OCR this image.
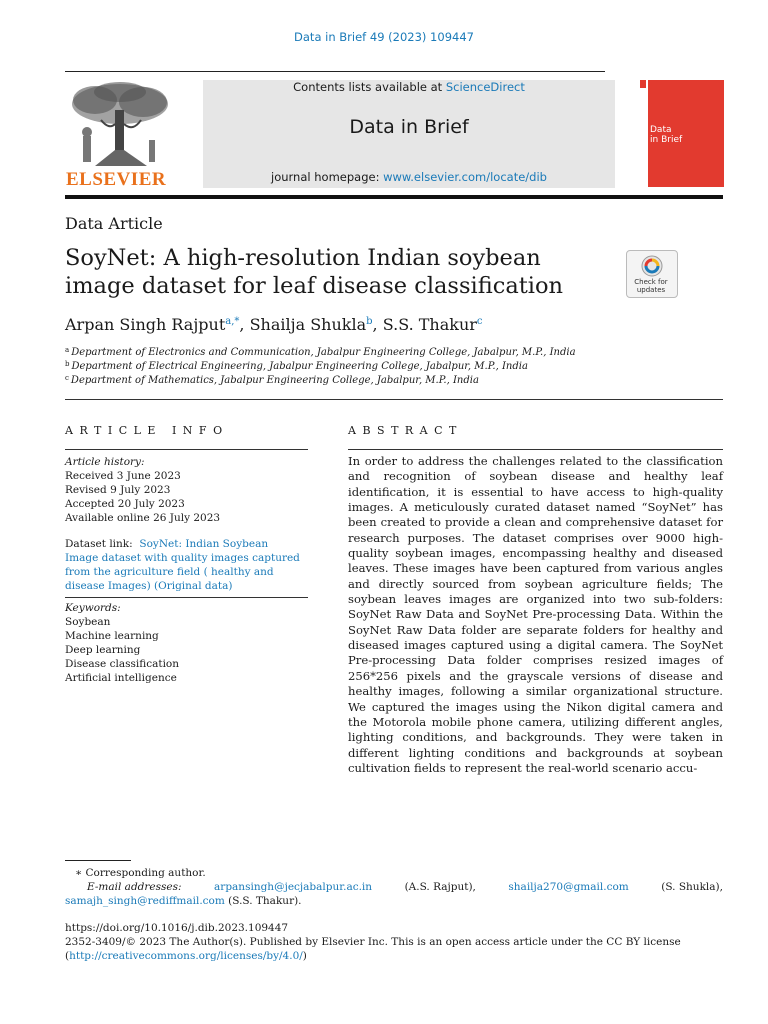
Data in Brief 49 (2023) 109447
ELSEVIER
Contents lists available at ScienceDirect
Data in Brief
journal homepage: www.elsevier.com/locate/dib
Data
in Brief
Data Article
SoyNet: A high-resolution Indian soybean
image dataset for leaf disease classification	Check for
updates
Arpan Singh Rajput$^{a,*}$, Shailja Shukla$^b$, S.S. Thakur$^c$
$^a$ Department of Electronics and Communication, Jabalpur Engineering College, Jabalpur, M.P., India
$^b$ Department of Electrical Engineering, Jabalpur Engineering College, Jabalpur, M.P., India
$^c$ Department of Mathematics, Jabalpur Engineering College, Jabalpur, M.P., India
ARTICLE INFO	ABSTRACT
Article history:
Received 3 June 2023
Revised 9 July 2023
Accepted 20 July 2023
Available online 26 July 2023
Dataset link: SoyNet: Indian Soybean
Image dataset with quality images captured
from the agriculture field ( healthy and
disease Images) (Original data)
Keywords:
Soybean
Machine learning
Deep learning
Disease classification
Artificial intelligence
In order to address the challenges related to the classification and recognition of soybean disease and healthy leaf identification, it is essential to have access to high-quality images. A meticulously curated dataset named “SoyNet” has been created to provide a clean and comprehensive dataset for research purposes. The dataset comprises over 9000 high-quality soybean images, encompassing healthy and diseased leaves. These images have been captured from various angles and directly sourced from soybean agriculture fields; The soybean leaves images are organized into two sub-folders: SoyNet Raw Data and SoyNet Pre-processing Data. Within the SoyNet Raw Data folder are separate folders for healthy and diseased images captured using a digital camera. The SoyNet Pre-processing Data folder comprises resized images of 256*256 pixels and the grayscale versions of disease and healthy images, following a similar organizational structure. We captured the images using the Nikon digital camera and the Motorola mobile phone camera, utilizing different angles, lighting conditions, and backgrounds. They were taken in different lighting conditions and backgrounds at soybean cultivation fields to represent the real-world scenario accu-
∗ Corresponding author.
E-mail addresses:	arpansingh@jecjabalpur.ac.in	(A.S. Rajput),	shailja270@gmail.com	(S. Shukla),
samajh_singh@rediffmail.com (S.S. Thakur).
https://doi.org/10.1016/j.dib.2023.109447
2352-3409/© 2023 The Author(s). Published by Elsevier Inc. This is an open access article under the CC BY license
(http://creativecommons.org/licenses/by/4.0/)
